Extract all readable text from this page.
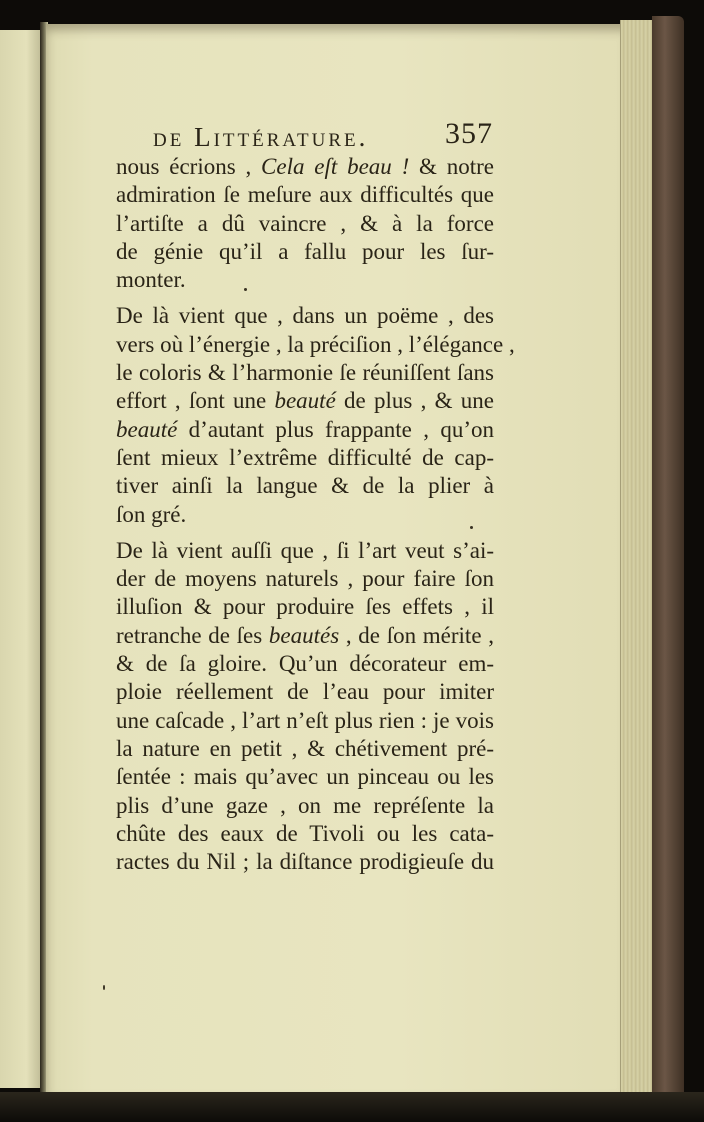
de Littérature.	357
nous écrions , Cela eſt beau ! & notre
admiration ſe meſure aux difficultés que
l’artiſte a dû vaincre , & à la force
de génie qu’il a fallu pour les ſur-
monter.
De là vient que , dans un poëme , des
vers où l’énergie , la préciſion , l’élégance ,
le coloris & l’harmonie ſe réuniſſent ſans
effort , ſont une beauté de plus , & une
beauté d’autant plus frappante , qu’on
ſent mieux l’extrême difficulté de cap-
tiver ainſi la langue & de la plier à
ſon gré.
De là vient auſſi que , ſi l’art veut s’ai-
der de moyens naturels , pour faire ſon
illuſion & pour produire ſes effets , il
retranche de ſes beautés , de ſon mérite ,
& de ſa gloire. Qu’un décorateur em-
ploie réellement de l’eau pour imiter
une caſcade , l’art n’eſt plus rien : je vois
la nature en petit , & chétivement pré-
ſentée : mais qu’avec un pinceau ou les
plis d’une gaze , on me repréſente la
chûte des eaux de Tivoli ou les cata-
ractes du Nil ; la diſtance prodigieuſe du
